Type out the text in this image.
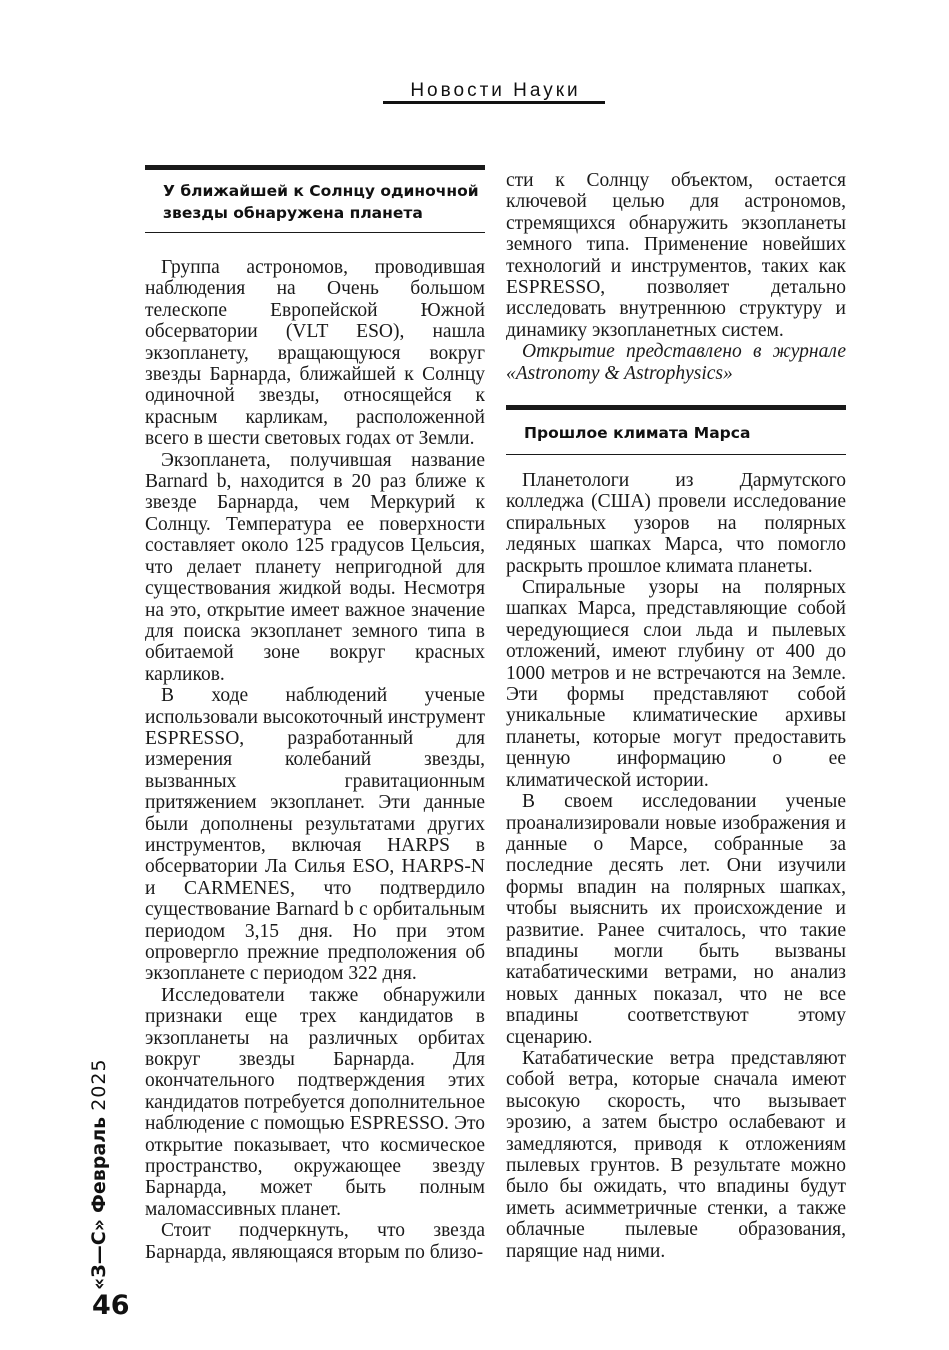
Новости Науки
У ближайшей к Солнцу одиночной звезды обнаружена планета

Группа астрономов, проводившая наблюдения на Очень большом телескопе Европейской Южной обсерватории (VLT ESO), нашла экзопланету, вращающуюся вокруг звезды Барнарда, ближайшей к Солнцу одиночной звезды, относящейся к красным карликам, расположенной всего в шести световых годах от Земли.

Экзопланета, получившая название Barnard b, находится в 20 раз ближе к звезде Барнарда, чем Меркурий к Солнцу. Температура ее поверхности составляет около 125 градусов Цельсия, что делает планету непригодной для существования жидкой воды. Несмотря на это, открытие имеет важное значение для поиска экзопланет земного типа в обитаемой зоне вокруг красных карликов.

В ходе наблюдений ученые использовали высокоточный инструмент ESPRESSO, разработанный для измерения колебаний звезды, вызванных гравитационным притяжением экзопланет. Эти данные были дополнены результатами других инструментов, включая HARPS в обсерватории Ла Силья ESO, HARPS-N и CARMENES, что подтвердило существование Barnard b с орбитальным периодом 3,15 дня. Но при этом опровергло прежние предположения об экзопланете с периодом 322 дня.

Исследователи также обнаружили признаки еще трех кандидатов в экзопланеты на различных орбитах вокруг звезды Барнарда. Для окончательного подтверждения этих кандидатов потребуется дополнительное наблюдение с помощью ESPRESSO. Это открытие показывает, что космическое пространство, окружающее звезду Барнарда, может быть полным маломассивных планет.

Стоит подчеркнуть, что звезда Барнарда, являющаяся вторым по близо-

сти к Солнцу объектом, остается ключевой целью для астрономов, стремящихся обнаружить экзопланеты земного типа. Применение новейших технологий и инструментов, таких как ESPRESSO, позволяет детально исследовать внутреннюю структуру и динамику экзопланетных систем.

Открытие представлено в журнале «Astronomy & Astrophysics»

Прошлое климата Марса

Планетологи из Дармутского колледжа (США) провели исследование спиральных узоров на полярных ледяных шапках Марса, что помогло раскрыть прошлое климата планеты.

Спиральные узоры на полярных шапках Марса, представляющие собой чередующиеся слои льда и пылевых отложений, имеют глубину от 400 до 1000 метров и не встречаются на Земле. Эти формы представляют собой уникальные климатические архивы планеты, которые могут предоставить ценную информацию о ее климатической истории.

В своем исследовании ученые проанализировали новые изображения и данные о Марсе, собранные за последние десять лет. Они изучили формы впадин на полярных шапках, чтобы выяснить их происхождение и развитие. Ранее считалось, что такие впадины могли быть вызваны катабатическими ветрами, но анализ новых данных показал, что не все впадины соответствуют этому сценарию.

Катабатические ветра представляют собой ветра, которые сначала имеют высокую скорость, что вызывает эрозию, а затем быстро ослабевают и замедляются, приводя к отложениям пылевых грунтов. В результате можно было бы ожидать, что впадины будут иметь асимметричные стенки, а также облачные пылевые образования, парящие над ними.

«З—С» Февраль 2025
46
